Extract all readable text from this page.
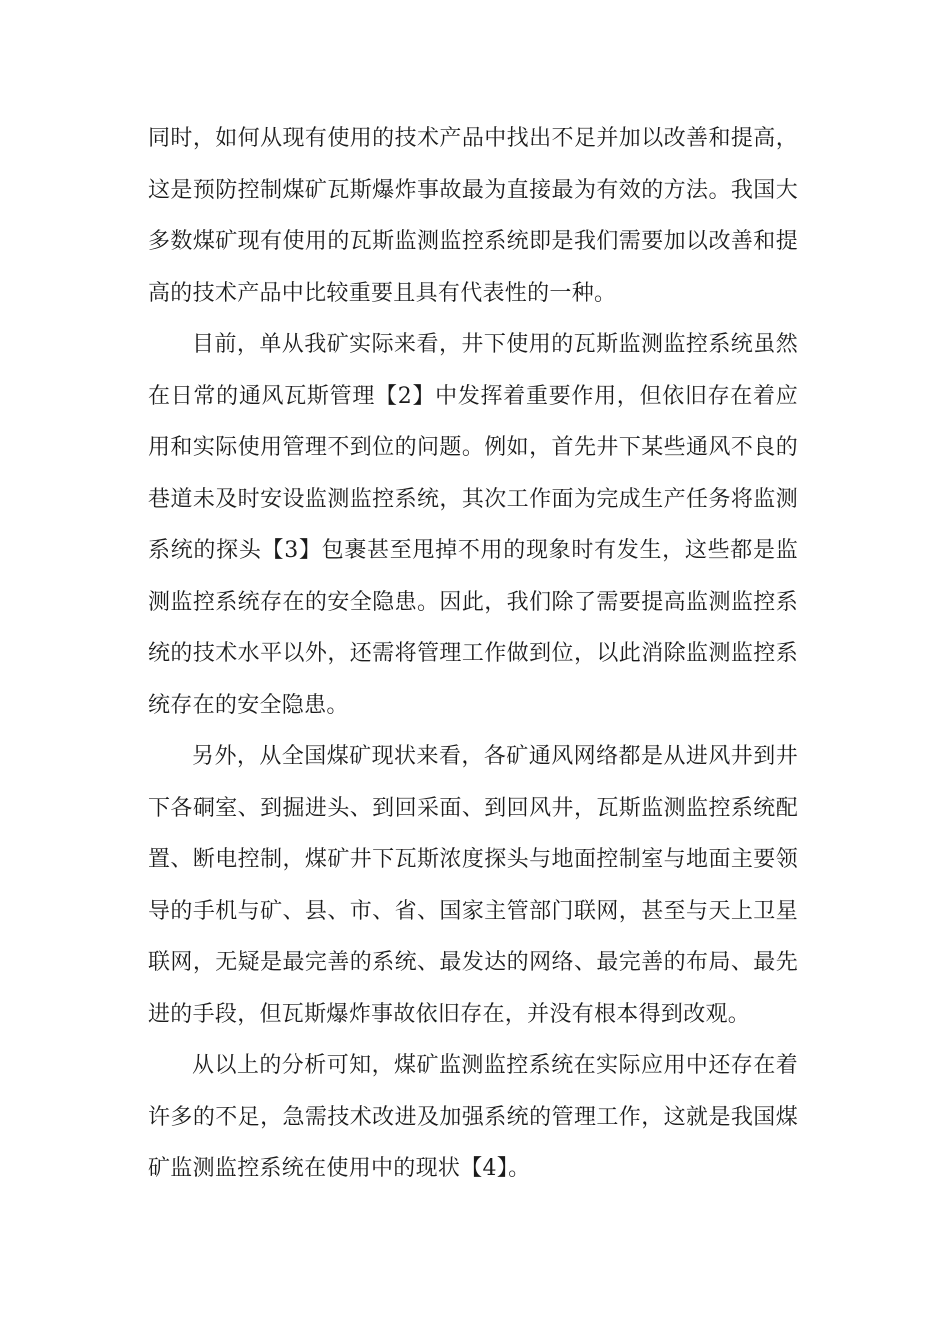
同时，如何从现有使用的技术产品中找出不足并加以改善和提高，这是预防控制煤矿瓦斯爆炸事故最为直接最为有效的方法。我国大多数煤矿现有使用的瓦斯监测监控系统即是我们需要加以改善和提高的技术产品中比较重要且具有代表性的一种。

目前，单从我矿实际来看，井下使用的瓦斯监测监控系统虽然在日常的通风瓦斯管理【2】中发挥着重要作用，但依旧存在着应用和实际使用管理不到位的问题。例如，首先井下某些通风不良的巷道未及时安设监测监控系统，其次工作面为完成生产任务将监测系统的探头【3】包裹甚至甩掉不用的现象时有发生，这些都是监测监控系统存在的安全隐患。因此，我们除了需要提高监测监控系统的技术水平以外，还需将管理工作做到位，以此消除监测监控系统存在的安全隐患。

另外，从全国煤矿现状来看，各矿通风网络都是从进风井到井下各硐室、到掘进头、到回采面、到回风井，瓦斯监测监控系统配置、断电控制，煤矿井下瓦斯浓度探头与地面控制室与地面主要领导的手机与矿、县、市、省、国家主管部门联网，甚至与天上卫星联网，无疑是最完善的系统、最发达的网络、最完善的布局、最先进的手段，但瓦斯爆炸事故依旧存在，并没有根本得到改观。

从以上的分析可知，煤矿监测监控系统在实际应用中还存在着许多的不足，急需技术改进及加强系统的管理工作，这就是我国煤矿监测监控系统在使用中的现状【4】。
